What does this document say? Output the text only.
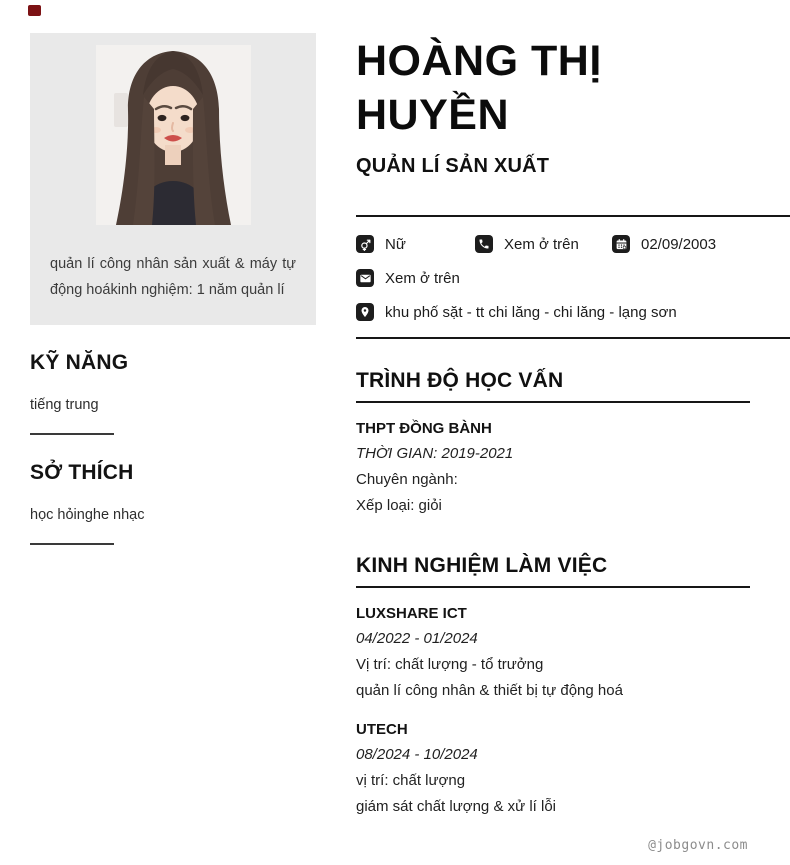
quản lí công nhân sản xuất & máy tự động hoákinh nghiệm: 1 năm quản lí

KỸ NĂNG

tiếng trung

SỞ THÍCH

học hỏinghe nhạc

HOÀNG THỊ HUYỀN
QUẢN LÍ SẢN XUẤT
Nữ	Xem ở trên	02/09/2003
Xem ở trên
khu phố sặt - tt chi lăng - chi lăng - lạng sơn
TRÌNH ĐỘ HỌC VẤN
THPT ĐỒNG BÀNH
THỜI GIAN: 2019-2021
Chuyên ngành:
Xếp loại: giỏi
KINH NGHIỆM LÀM VIỆC
LUXSHARE ICT
04/2022 - 01/2024
Vị trí: chất lượng - tổ trưởng
quản lí công nhân & thiết bị tự động hoá
UTECH
08/2024 - 10/2024
vị trí: chất lượng
giám sát chất lượng & xử lí lỗi
@jobgovn.com
